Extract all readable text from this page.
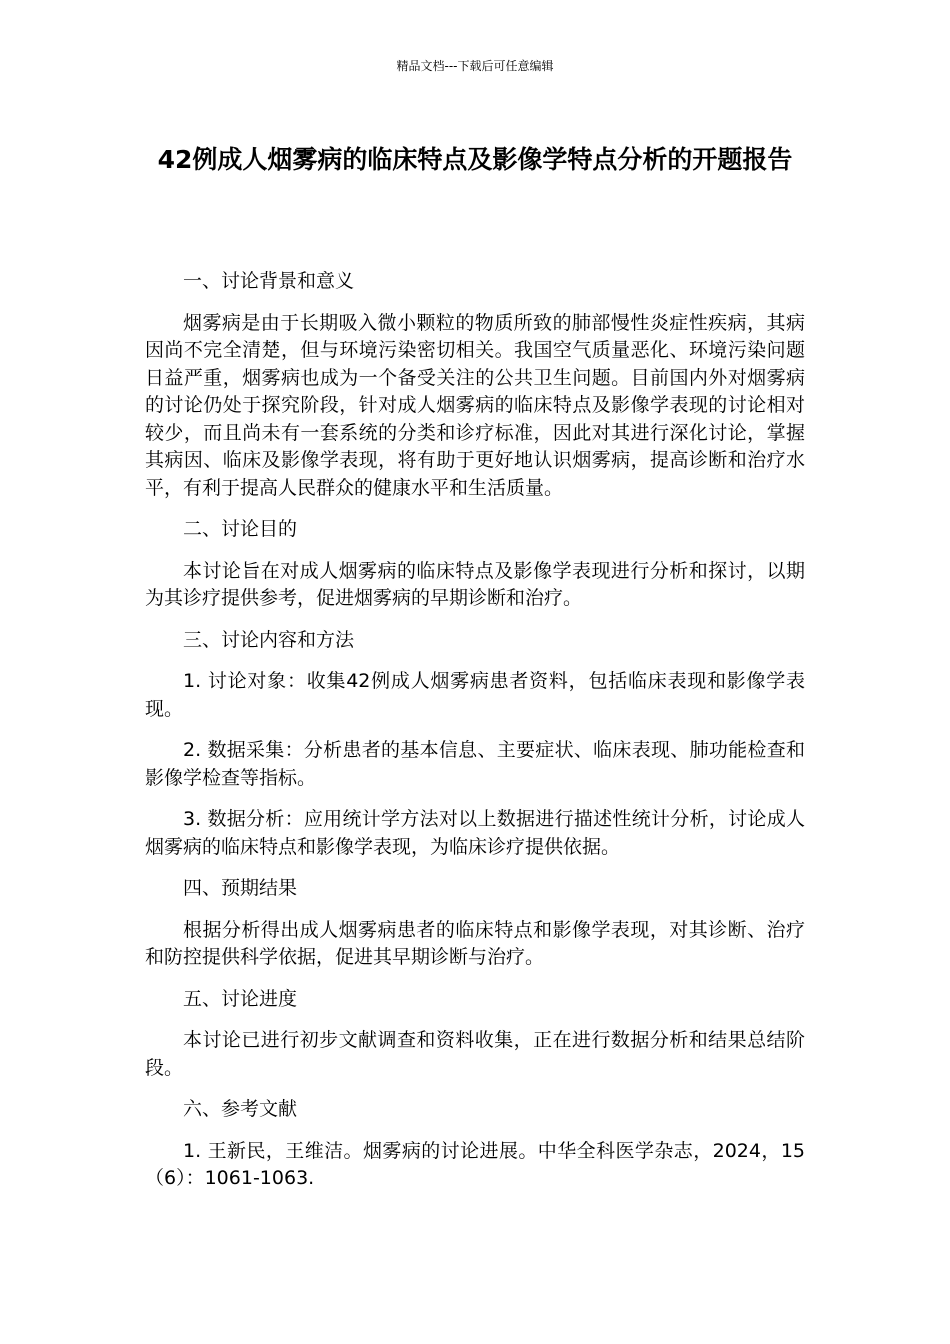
精品文档---下载后可任意编辑
42例成人烟雾病的临床特点及影像学特点分析的开题报告

一、讨论背景和意义

烟雾病是由于长期吸入微小颗粒的物质所致的肺部慢性炎症性疾病，其病因尚不完全清楚，但与环境污染密切相关。我国空气质量恶化、环境污染问题日益严重，烟雾病也成为一个备受关注的公共卫生问题。目前国内外对烟雾病的讨论仍处于探究阶段，针对成人烟雾病的临床特点及影像学表现的讨论相对较少，而且尚未有一套系统的分类和诊疗标准，因此对其进行深化讨论，掌握其病因、临床及影像学表现，将有助于更好地认识烟雾病，提高诊断和治疗水平，有利于提高人民群众的健康水平和生活质量。

二、讨论目的

本讨论旨在对成人烟雾病的临床特点及影像学表现进行分析和探讨，以期为其诊疗提供参考，促进烟雾病的早期诊断和治疗。

三、讨论内容和方法

1. 讨论对象：收集42例成人烟雾病患者资料，包括临床表现和影像学表现。

2. 数据采集：分析患者的基本信息、主要症状、临床表现、肺功能检查和影像学检查等指标。

3. 数据分析：应用统计学方法对以上数据进行描述性统计分析，讨论成人烟雾病的临床特点和影像学表现，为临床诊疗提供依据。

四、预期结果

根据分析得出成人烟雾病患者的临床特点和影像学表现，对其诊断、治疗和防控提供科学依据，促进其早期诊断与治疗。

五、讨论进度

本讨论已进行初步文献调查和资料收集，正在进行数据分析和结果总结阶段。

六、参考文献

1. 王新民，王维洁。烟雾病的讨论进展。中华全科医学杂志，2024，15（6）：1061-1063.
